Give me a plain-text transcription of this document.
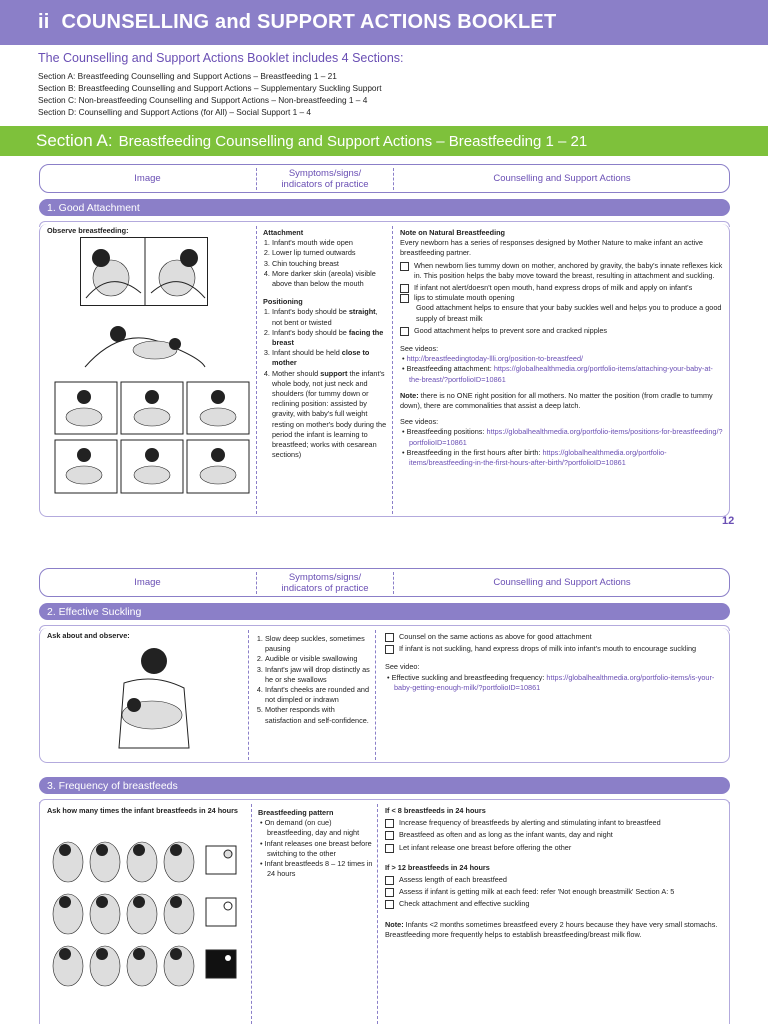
ii COUNSELLING and SUPPORT ACTIONS BOOKLET
The Counselling and Support Actions Booklet includes 4 Sections:
Section A: Breastfeeding Counselling and Support Actions – Breastfeeding 1 – 21
Section B: Breastfeeding Counselling and Support Actions – Supplementary Suckling Support
Section C: Non-breastfeeding Counselling and Support Actions – Non-breastfeeding 1 – 4
Section D: Counselling and Support Actions (for All) – Social Support 1 – 4
Section A: Breastfeeding Counselling and Support Actions – Breastfeeding 1 – 21
Image	Symptoms/signs/
indicators of practice	Counselling and Support Actions
1. Good Attachment
Observe breastfeeding:	Attachment
1. Infant's mouth wide open
2. Lower lip turned outwards
3. Chin touching breast
4. More darker skin (areola) visible above than below the mouth
Positioning
1. Infant's body should be straight, not bent or twisted
2. Infant's body should be facing the breast
3. Infant should be held close to mother
4. Mother should support the infant's whole body, not just neck and shoulders (for tummy down or reclining position: assisted by gravity, with baby's full weight resting on mother's body during the period the infant is learning to breastfeed; works with cesarean sections)
Note on Natural Breastfeeding
Every newborn has a series of responses designed by Mother Nature to make infant an active breastfeeding partner.
When newborn lies tummy down on mother, anchored by gravity, the baby's innate reflexes kick in. This position helps the baby move toward the breast, resulting in attachment and suckling.
If infant not alert/doesn't open mouth, hand express drops of milk and apply on infant's
lips to stimulate mouth opening
Good attachment helps to ensure that your baby suckles well and helps you to produce a good supply of breast milk
Good attachment helps to prevent sore and cracked nipples
See videos:
• http://breastfeedingtoday-llli.org/position-to-breastfeed/
• Breastfeeding attachment: https://globalhealthmedia.org/portfolio-items/attaching-your-baby-at-the-breast/?portfolioID=10861
Note: there is no ONE right position for all mothers. No matter the position (from cradle to tummy down), there are commonalities that assist a deep latch.
See videos:
• Breastfeeding positions: https://globalhealthmedia.org/portfolio-items/positions-for-breastfeeding/?portfolioID=10861
• Breastfeeding in the first hours after birth: https://globalhealthmedia.org/portfolio-items/breastfeeding-in-the-first-hours-after-birth/?portfolioID=10861
12
Image	Symptoms/signs/
indicators of practice	Counselling and Support Actions
2. Effective Suckling
Ask about and observe:
1.	Slow deep suckles, sometimes pausing
2. Audible or visible swallowing
3. Infant's jaw will drop distinctly as he or she swallows
4. Infant's cheeks are rounded and not dimpled or indrawn
5. Mother responds with satisfaction and self-confidence.
Counsel on the same actions as above for good attachment
If infant is not suckling, hand express drops of milk into infant's mouth to encourage suckling
See video:
• Effective suckling and breastfeeding frequency: https://globalhealthmedia.org/portfolio-items/is-your-baby-getting-enough-milk/?portfolioID=10861
3. Frequency of breastfeeds
Ask how many times the infant breastfeeds in 24 hours	Breastfeeding pattern
• On demand (on cue) breastfeeding, day and night
• Infant releases one breast before switching to the other
• Infant breastfeeds 8 – 12 times in 24 hours
If < 8 breastfeeds in 24 hours
Increase frequency of breastfeeds by alerting and stimulating infant to breastfeed
Breastfeed as often and as long as the infant wants, day and night
Let infant release one breast before offering the other
If > 12 breastfeeds in 24 hours
Assess length of each breastfeed
Assess if infant is getting milk at each feed: refer 'Not enough breastmilk' Section A: 5
Check attachment and effective suckling
Note: Infants <2 months sometimes breastfeed every 2 hours because they have very small stomachs. Breastfeeding more frequently helps to establish breastfeeding/breast milk flow.
